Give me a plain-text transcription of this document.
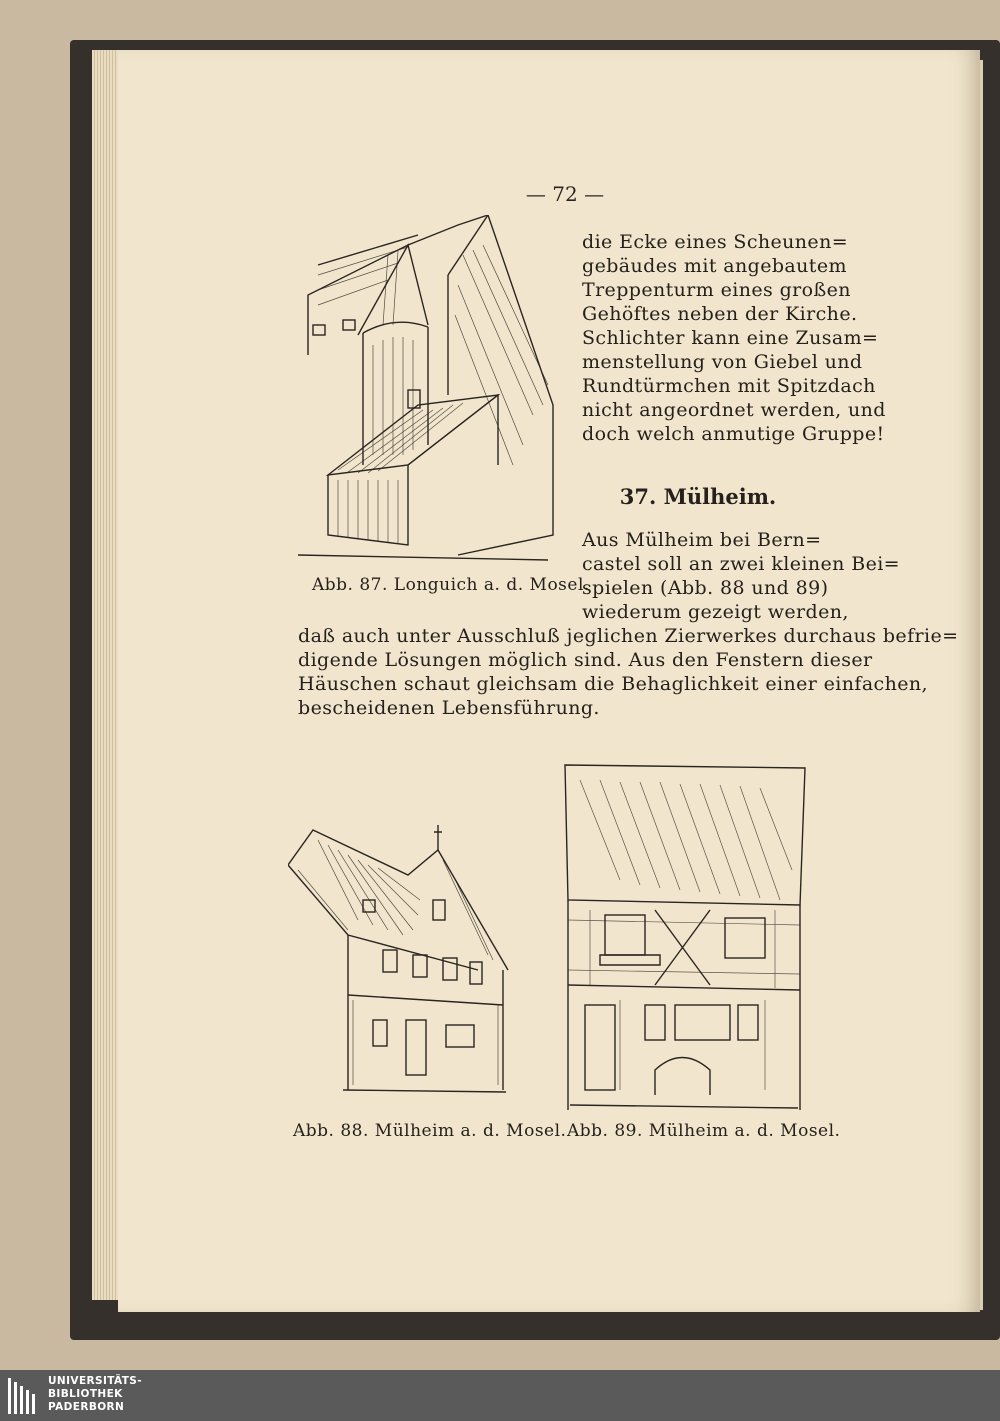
— 72 —
die Ecke eines Scheunen=
gebäudes mit angebautem
Treppenturm eines großen
Gehöftes neben der Kirche.
Schlichter kann eine Zusam=
menstellung von Giebel und
Rundtürmchen mit Spitzdach
nicht angeordnet werden, und
doch welch anmutige Gruppe!
37. Mülheim.
Aus Mülheim bei Bern=
castel soll an zwei kleinen Bei=
spielen (Abb. 88 und 89)
wiederum gezeigt werden,
Abb. 87. Longuich a. d. Mosel.
daß auch unter Ausschluß jeglichen Zierwerkes durchaus befrie=
digende Lösungen möglich sind. Aus den Fenstern dieser
Häuschen schaut gleichsam die Behaglichkeit einer einfachen,
bescheidenen Lebensführung.
Abb. 88. Mülheim a. d. Mosel. Abb. 89. Mülheim a. d. Mosel.
UNIVERSITÄTS-
BIBLIOTHEK
PADERBORN
